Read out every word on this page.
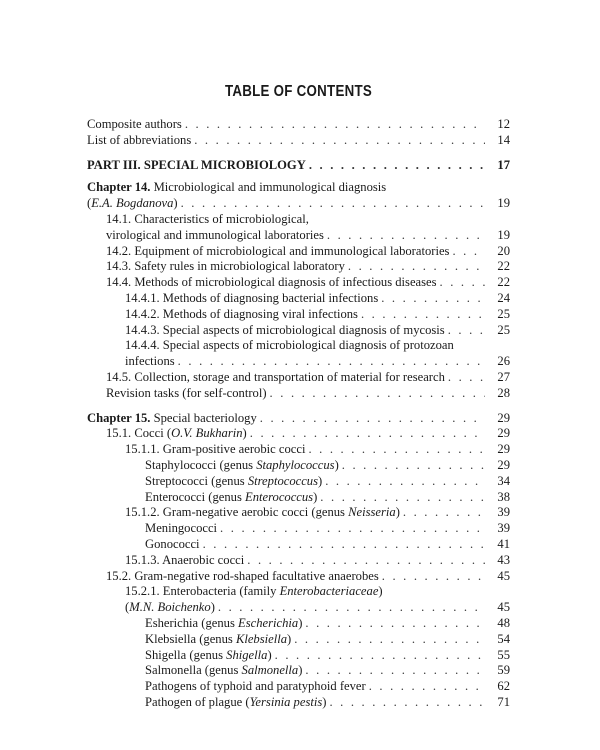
TABLE OF CONTENTS
Composite authors . . .	12
List of abbreviations . . .	14
PART III. SPECIAL MICROBIOLOGY . . .	17
Chapter 14. Microbiological and immunological diagnosis
(E.A. Bogdanova) . . .	19
14.1. Characteristics of microbiological,
virological and immunological laboratories . . .	19
14.2. Equipment of microbiological and immunological laboratories . . .	20
14.3. Safety rules in microbiological laboratory . . .	22
14.4. Methods of microbiological diagnosis of infectious diseases . . .	22
14.4.1. Methods of diagnosing bacterial infections . . .	24
14.4.2. Methods of diagnosing viral infections . . .	25
14.4.3. Special aspects of microbiological diagnosis of mycosis . . .	25
14.4.4. Special aspects of microbiological diagnosis of protozoan
infections . . .	26
14.5. Collection, storage and transportation of material for research . . .	27
Revision tasks (for self-control) . . .	28
Chapter 15. Special bacteriology . . .	29
15.1. Cocci (O.V. Bukharin) . . .	29
15.1.1. Gram-positive aerobic cocci . . .	29
Staphylococci (genus Staphylococcus) . . .	29
Streptococci (genus Streptococcus) . . .	34
Enterococci (genus Enterococcus) . . .	38
15.1.2. Gram-negative aerobic cocci (genus Neisseria) . . .	39
Meningococci . . .	39
Gonococci . . .	41
15.1.3. Anaerobic cocci . . .	43
15.2. Gram-negative rod-shaped facultative anaerobes . . .	45
15.2.1. Enterobacteria (family Enterobacteriaceae)
(M.N. Boichenko) . . .	45
Esherichia (genus Escherichia) . . .	48
Klebsiella (genus Klebsiella) . . .	54
Shigella (genus Shigella) . . .	55
Salmonella (genus Salmonella) . . .	59
Pathogens of typhoid and paratyphoid fever . . .	62
Pathogen of plague (Yersinia pestis) . . .	71
